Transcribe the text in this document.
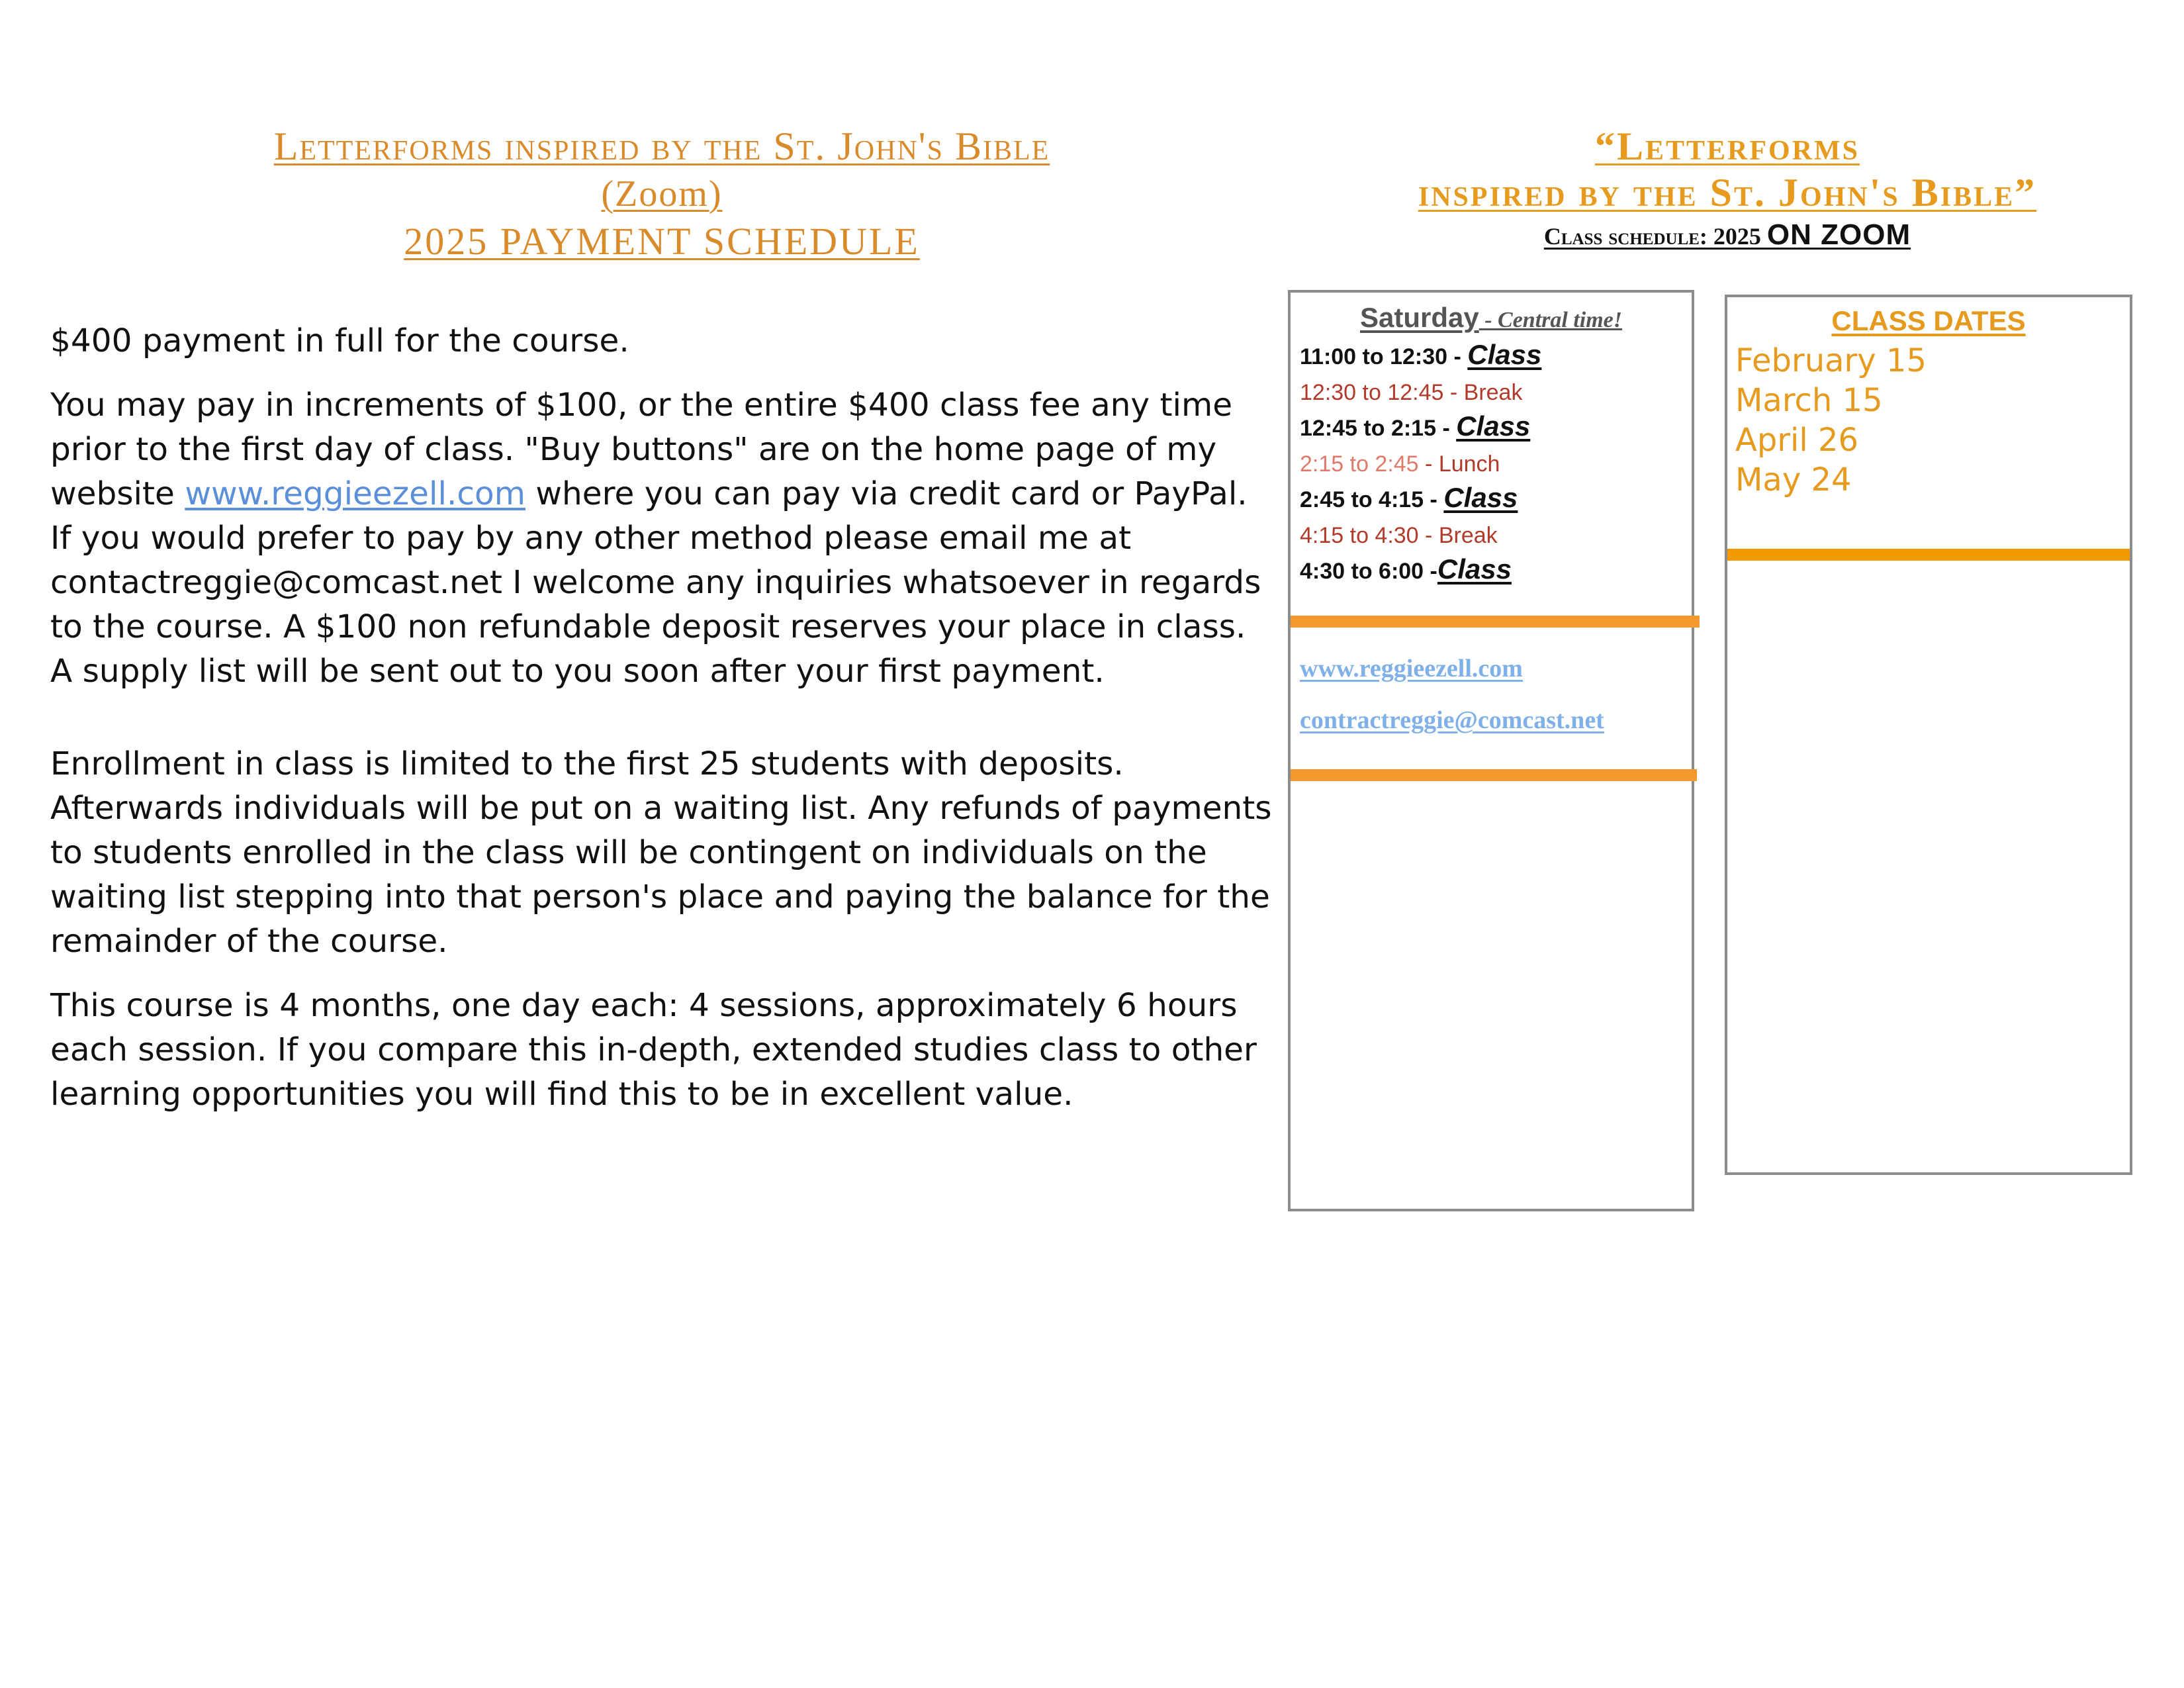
Letterforms inspired by the St. John's Bible
(Zoom)
2025 PAYMENT SCHEDULE

$400 payment in full for the course.

You may pay in increments of $100, or the entire $400 class fee any time prior to the first day of class. "Buy buttons" are on the home page of my website www.reggieezell.com where you can pay via credit card or PayPal. If you would prefer to pay by any other method please email me at contactreggie@comcast.net I welcome any inquiries whatsoever in regards to the course. A $100 non refundable deposit reserves your place in class. A supply list will be sent out to you soon after your first payment.

Enrollment in class is limited to the first 25 students with deposits. Afterwards individuals will be put on a waiting list. Any refunds of payments to students enrolled in the class will be contingent on individuals on the waiting list stepping into that person's place and paying the balance for the remainder of the course.

This course is 4 months, one day each: 4 sessions, approximately 6 hours each session. If you compare this in-depth, extended studies class to other learning opportunities you will find this to be in excellent value.

“Letterforms
inspired by the St. John's Bible”
Class schedule: 2025 ON ZOOM
Saturday - Central time!
11:00 to 12:30 - Class
12:30 to 12:45 - Break
12:45 to 2:15 - Class
2:15 to 2:45 - Lunch
2:45 to 4:15 - Class
4:15 to 4:30 - Break
4:30 to 6:00 -Class
www.reggieezell.com
contractreggie@comcast.net
CLASS DATES
February 15
March 15
April 26
May 24
